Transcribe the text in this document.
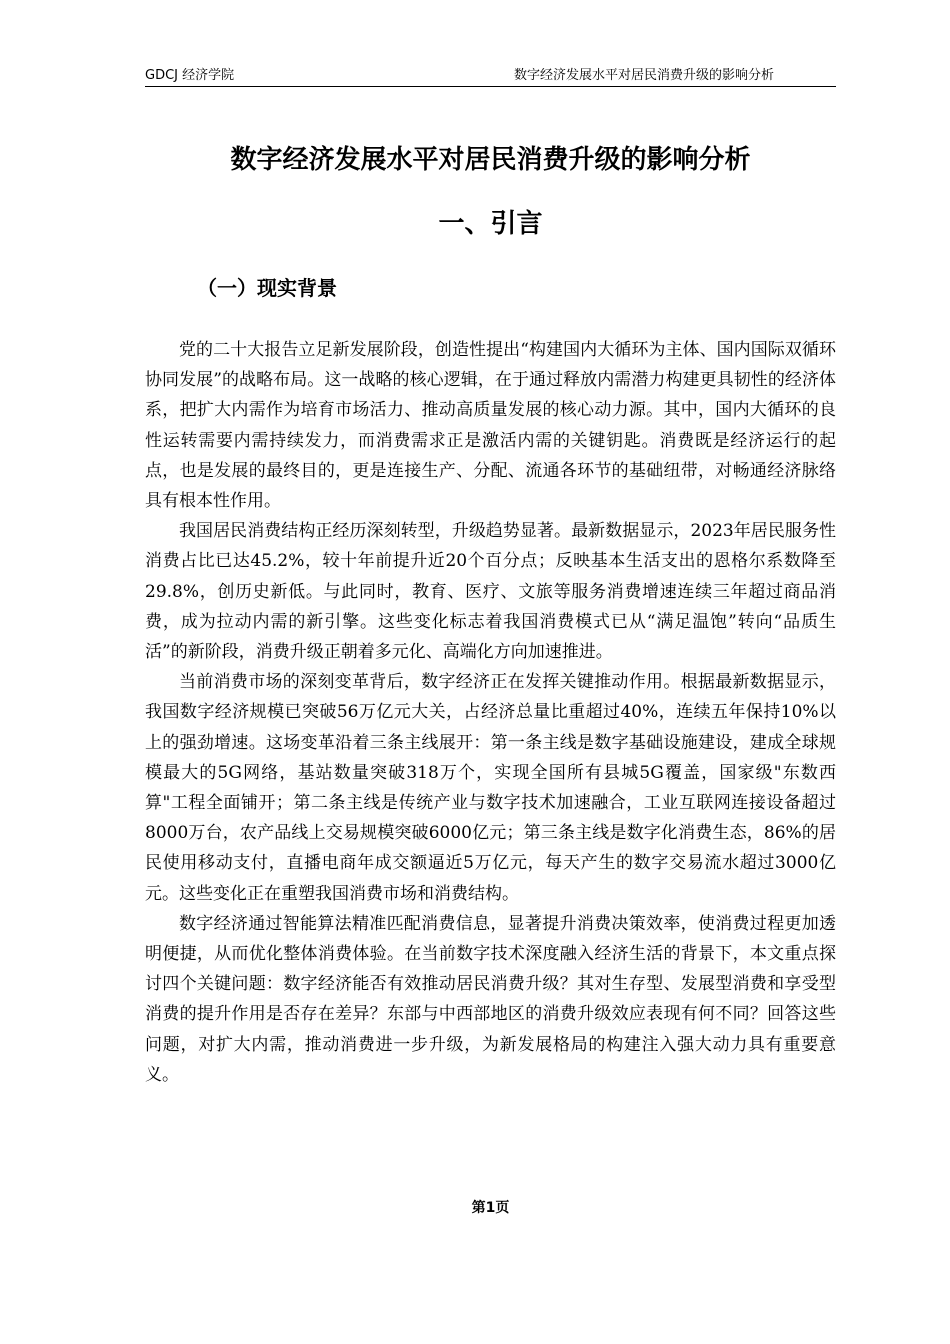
GDCJ 经济学院	数字经济发展水平对居民消费升级的影响分析
数字经济发展水平对居民消费升级的影响分析
一、引言
（一）现实背景

党的二十大报告立足新发展阶段，创造性提出“构建国内大循环为主体、国内国际双循环协同发展”的战略布局。这一战略的核心逻辑，在于通过释放内需潜力构建更具韧性的经济体系，把扩大内需作为培育市场活力、推动高质量发展的核心动力源。其中，国内大循环的良性运转需要内需持续发力，而消费需求正是激活内需的关键钥匙。消费既是经济运行的起点，也是发展的最终目的，更是连接生产、分配、流通各环节的基础纽带，对畅通经济脉络具有根本性作用。

我国居民消费结构正经历深刻转型，升级趋势显著。最新数据显示，2023年居民服务性消费占比已达45.2%，较十年前提升近20个百分点；反映基本生活支出的恩格尔系数降至29.8%，创历史新低。与此同时，教育、医疗、文旅等服务消费增速连续三年超过商品消费，成为拉动内需的新引擎。这些变化标志着我国消费模式已从“满足温饱”转向“品质生活”的新阶段，消费升级正朝着多元化、高端化方向加速推进。

当前消费市场的深刻变革背后，数字经济正在发挥关键推动作用。根据最新数据显示，我国数字经济规模已突破56万亿元大关，占经济总量比重超过40%，连续五年保持10%以上的强劲增速。这场变革沿着三条主线展开：第一条主线是数字基础设施建设，建成全球规模最大的5G网络，基站数量突破318万个，实现全国所有县城5G覆盖，国家级"东数西算"工程全面铺开；第二条主线是传统产业与数字技术加速融合，工业互联网连接设备超过8000万台，农产品线上交易规模突破6000亿元；第三条主线是数字化消费生态，86%的居民使用移动支付，直播电商年成交额逼近5万亿元，每天产生的数字交易流水超过3000亿元。这些变化正在重塑我国消费市场和消费结构。

数字经济通过智能算法精准匹配消费信息，显著提升消费决策效率，使消费过程更加透明便捷，从而优化整体消费体验。在当前数字技术深度融入经济生活的背景下，本文重点探讨四个关键问题：数字经济能否有效推动居民消费升级？其对生存型、发展型消费和享受型消费的提升作用是否存在差异？东部与中西部地区的消费升级效应表现有何不同？回答这些问题，对扩大内需，推动消费进一步升级，为新发展格局的构建注入强大动力具有重要意义。

第1页
